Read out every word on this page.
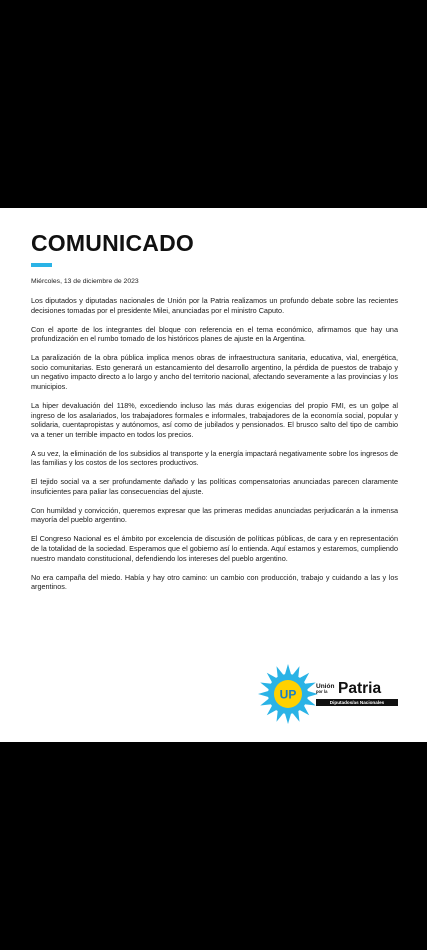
COMUNICADO
Miércoles, 13 de diciembre de 2023

Los diputados y diputadas nacionales de Unión por la Patria realizamos un profundo debate sobre las recientes decisiones tomadas por el presidente Milei, anunciadas por el ministro Caputo.

Con el aporte de los integrantes del bloque con referencia en el tema económico, afirmamos que hay una profundización en el rumbo tomado de los históricos planes de ajuste en la Argentina.

La paralización de la obra pública implica menos obras de infraestructura sanitaria, educativa, vial, energética, socio comunitarias. Esto generará un estancamiento del desarrollo argentino, la pérdida de puestos de trabajo y un negativo impacto directo a lo largo y ancho del territorio nacional, afectando severamente a las provincias y los municipios.

La hiper devaluación del 118%, excediendo incluso las más duras exigencias del propio FMI, es un golpe al ingreso de los asalariados, los trabajadores formales e informales, trabajadores de la economía social, popular y solidaria, cuentapropistas y autónomos, así como de jubilados y pensionados. El brusco salto del tipo de cambio va a tener un terrible impacto en todos los precios.

A su vez, la eliminación de los subsidios al transporte y la energía impactará negativamente sobre los ingresos de las familias y los costos de los sectores productivos.

El tejido social va a ser profundamente dañado y las políticas compensatorias anunciadas parecen claramente insuficientes para paliar las consecuencias del ajuste.

Con humildad y convicción, queremos expresar que las primeras medidas anunciadas perjudicarán a la inmensa mayoría del pueblo argentino.

El Congreso Nacional es el ámbito por excelencia de discusión de políticas públicas, de cara y en representación de la totalidad de la sociedad. Esperamos que el gobierno así lo entienda. Aquí estamos y estaremos, cumpliendo nuestro mandato constitucional, defendiendo los intereses del pueblo argentino.

No era campaña del miedo. Había y hay otro camino: un cambio con producción, trabajo y cuidando a las y los argentinos.

UP
Unión
por la Patria
Diputados/as Nacionales
